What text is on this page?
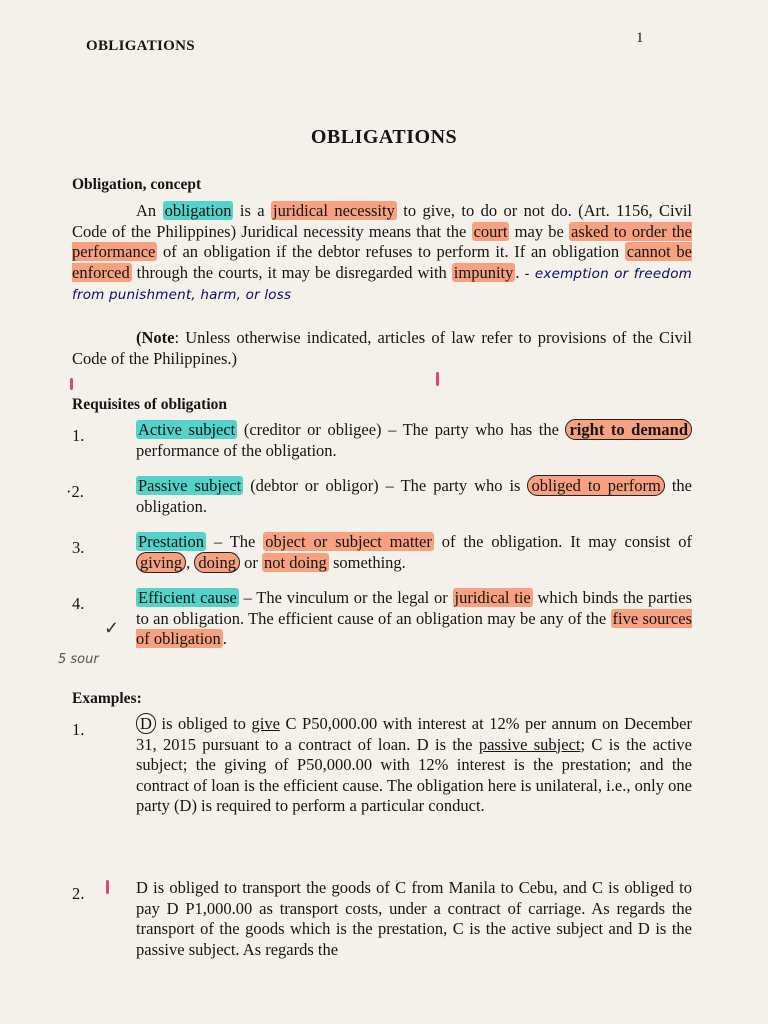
OBLIGATIONS	1
OBLIGATIONS
Obligation, concept
An obligation is a juridical necessity to give, to do or not do. (Art. 1156, Civil Code of the Philippines) Juridical necessity means that the court may be asked to order the performance of an obligation if the debtor refuses to perform it. If an obligation cannot be enforced through the courts, it may be disregarded with impunity . - exemption or freedom from punishment, harm, or loss
(Note: Unless otherwise indicated, articles of law refer to provisions of the Civil Code of the Philippines.)
Requisites of obligation
1.	Active subject (creditor or obligee) – The party who has the right to demand performance of the obligation.
·2.	Passive subject (debtor or obligor) – The party who is obliged to perform the obligation.
3.	Prestation – The object or subject matter of the obligation. It may consist of giving , doing or not doing something.
4.	Efficient cause – The vinculum or the legal or juridical tie which binds the parties to an obligation. The efficient cause of an obligation may be any of the five sources of obligation .
✓
5 sour
Examples:
1.	D is obliged to give C P50,000.00 with interest at 12% per annum on December 31, 2015 pursuant to a contract of loan. D is the passive subject; C is the active subject; the giving of P50,000.00 with 12% interest is the prestation; and the contract of loan is the efficient cause. The obligation here is unilateral, i.e., only one party (D) is required to perform a particular conduct.
2.	D is obliged to transport the goods of C from Manila to Cebu, and C is obliged to pay D P1,000.00 as transport costs, under a contract of carriage. As regards the transport of the goods which is the prestation, C is the active subject and D is the passive subject. As regards the
